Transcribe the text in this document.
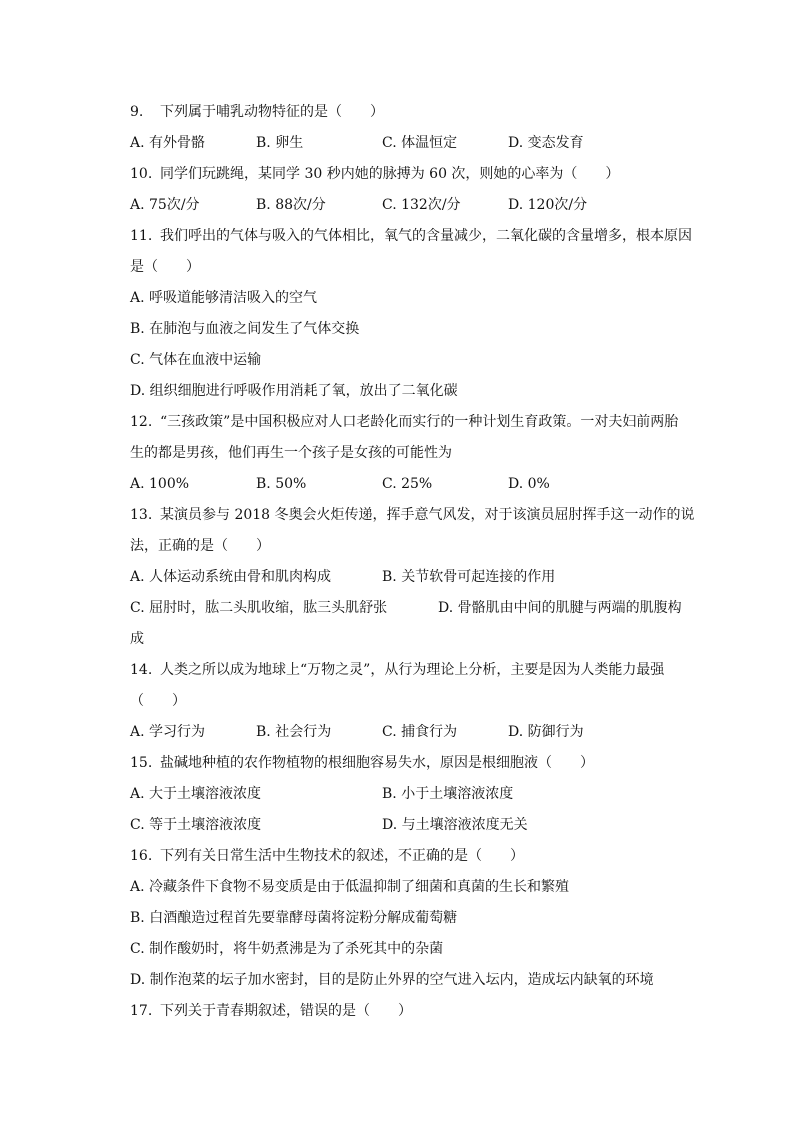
9. 下列属于哺乳动物特征的是（　　）
A. 有外骨骼	B. 卵生	C. 体温恒定	D. 变态发育
10. 同学们玩跳绳，某同学 30 秒内她的脉搏为 60 次，则她的心率为（　　）
A. 75次/分	B. 88次/分	C. 132次/分	D. 120次/分
11. 我们呼出的气体与吸入的气体相比，氧气的含量减少，二氧化碳的含量增多，根本原因
是（　　）
A. 呼吸道能够清洁吸入的空气
B. 在肺泡与血液之间发生了气体交换
C. 气体在血液中运输
D. 组织细胞进行呼吸作用消耗了氧，放出了二氧化碳
12. “三孩政策”是中国积极应对人口老龄化而实行的一种计划生育政策。一对夫妇前两胎
生的都是男孩，他们再生一个孩子是女孩的可能性为
A. 100%	B. 50%	C. 25%	D. 0%
13. 某演员参与 2018 冬奥会火炬传递，挥手意气风发，对于该演员屈肘挥手这一动作的说
法，正确的是（　　）
A. 人体运动系统由骨和肌肉构成	B. 关节软骨可起连接的作用
C. 屈肘时，肱二头肌收缩，肱三头肌舒张	D. 骨骼肌由中间的肌腱与两端的肌腹构
成
14. 人类之所以成为地球上“万物之灵”，从行为理论上分析，主要是因为人类能力最强
（　　）
A. 学习行为	B. 社会行为	C. 捕食行为	D. 防御行为
15. 盐碱地种植的农作物植物的根细胞容易失水，原因是根细胞液（　　）
A. 大于土壤溶液浓度	B. 小于土壤溶液浓度
C. 等于土壤溶液浓度	D. 与土壤溶液浓度无关
16. 下列有关日常生活中生物技术的叙述，不正确的是（　　）
A. 冷藏条件下食物不易变质是由于低温抑制了细菌和真菌的生长和繁殖
B. 白酒酿造过程首先要靠酵母菌将淀粉分解成葡萄糖
C. 制作酸奶时，将牛奶煮沸是为了杀死其中的杂菌
D. 制作泡菜的坛子加水密封，目的是防止外界的空气进入坛内，造成坛内缺氧的环境
17. 下列关于青春期叙述，错误的是（　　）
